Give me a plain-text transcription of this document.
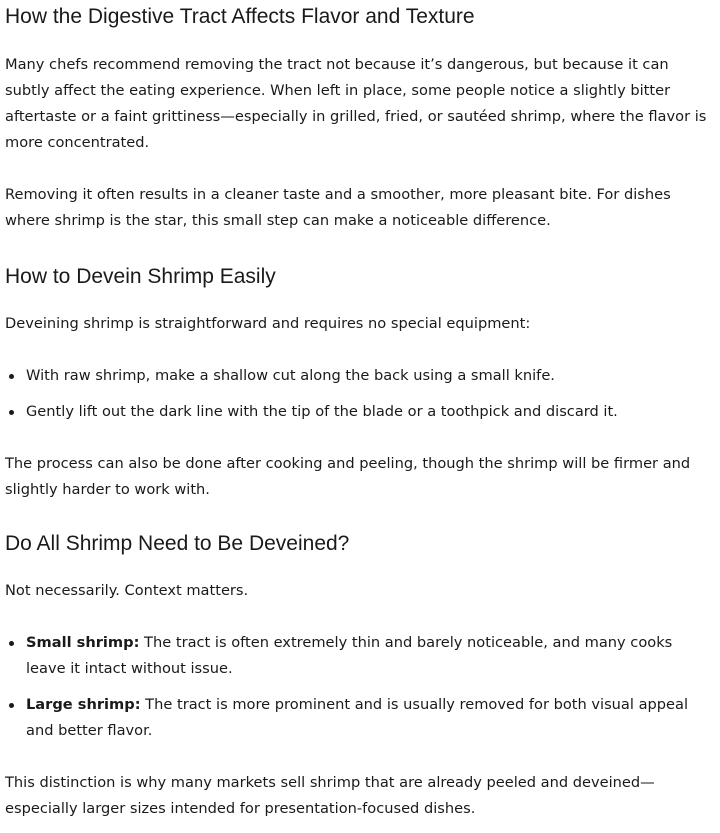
How the Digestive Tract Affects Flavor and Texture

Many chefs recommend removing the tract not because it’s dangerous, but because it can subtly affect the eating experience. When left in place, some people notice a slightly bitter aftertaste or a faint grittiness—especially in grilled, fried, or sautéed shrimp, where the flavor is more concentrated.

Removing it often results in a cleaner taste and a smoother, more pleasant bite. For dishes where shrimp is the star, this small step can make a noticeable difference.

How to Devein Shrimp Easily

Deveining shrimp is straightforward and requires no special equipment:

With raw shrimp, make a shallow cut along the back using a small knife.
Gently lift out the dark line with the tip of the blade or a toothpick and discard it.

The process can also be done after cooking and peeling, though the shrimp will be firmer and slightly harder to work with.

Do All Shrimp Need to Be Deveined?

Not necessarily. Context matters.

Small shrimp: The tract is often extremely thin and barely noticeable, and many cooks leave it intact without issue.
Large shrimp: The tract is more prominent and is usually removed for both visual appeal and better flavor.

This distinction is why many markets sell shrimp that are already peeled and deveined—especially larger sizes intended for presentation-focused dishes.
